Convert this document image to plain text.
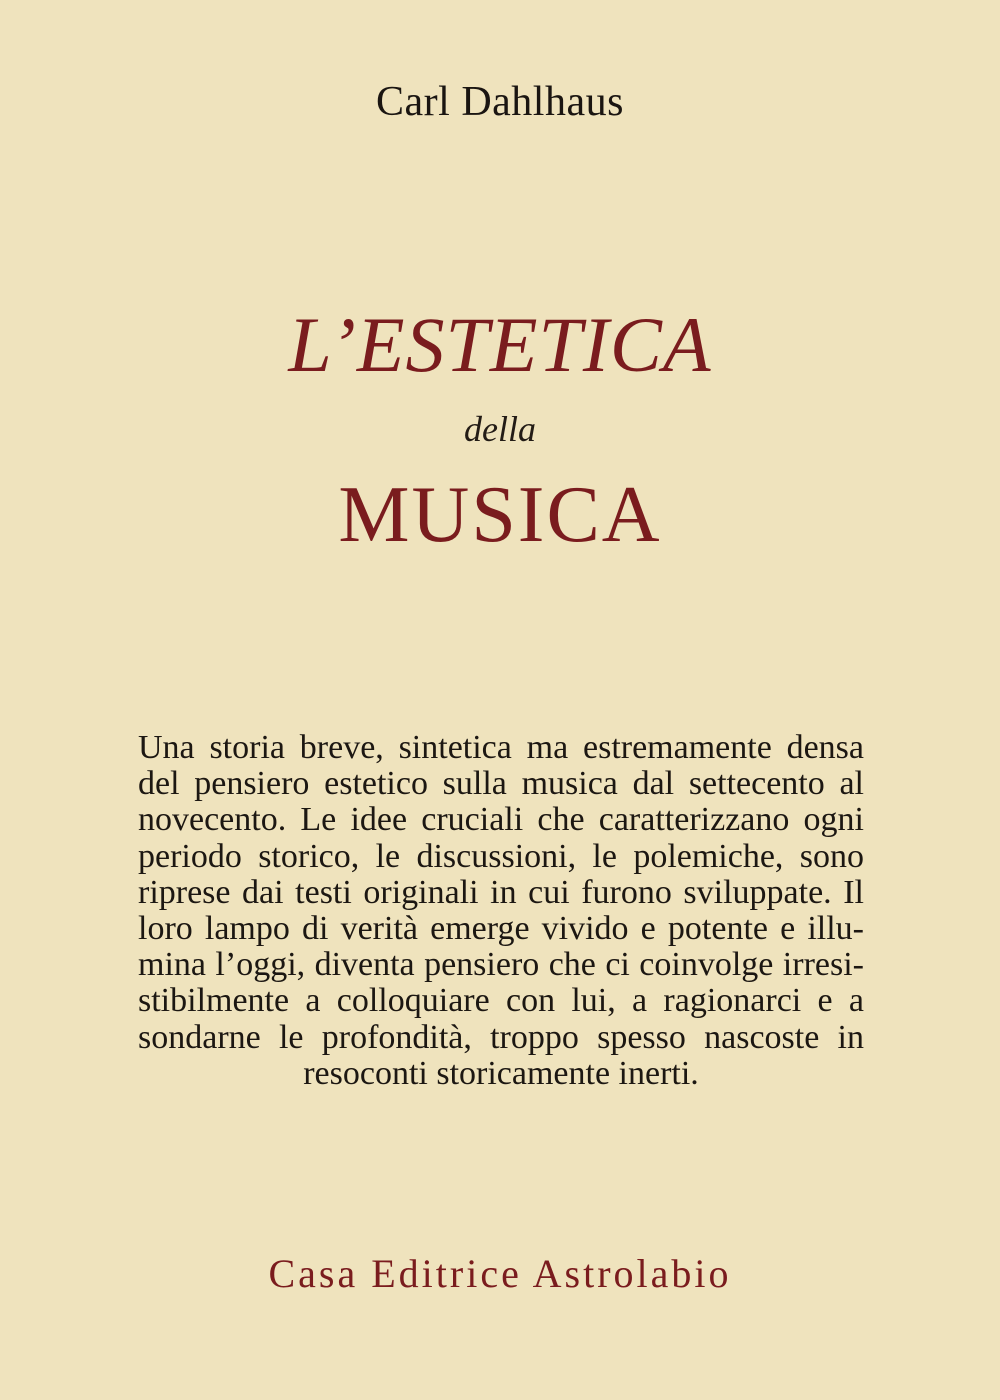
Carl Dahlhaus
L’ESTETICA
della
MUSICA
Una storia breve, sintetica ma estremamente densa
del pensiero estetico sulla musica dal settecento al
novecento. Le idee cruciali che caratterizzano ogni
periodo storico, le discussioni, le polemiche, sono
riprese dai testi originali in cui furono sviluppate. Il
loro lampo di verità emerge vivido e potente e illu-
mina l’oggi, diventa pensiero che ci coinvolge irresi-
stibilmente a colloquiare con lui, a ragionarci e a
sondarne le profondità, troppo spesso nascoste in
resoconti storicamente inerti.
Casa Editrice Astrolabio
